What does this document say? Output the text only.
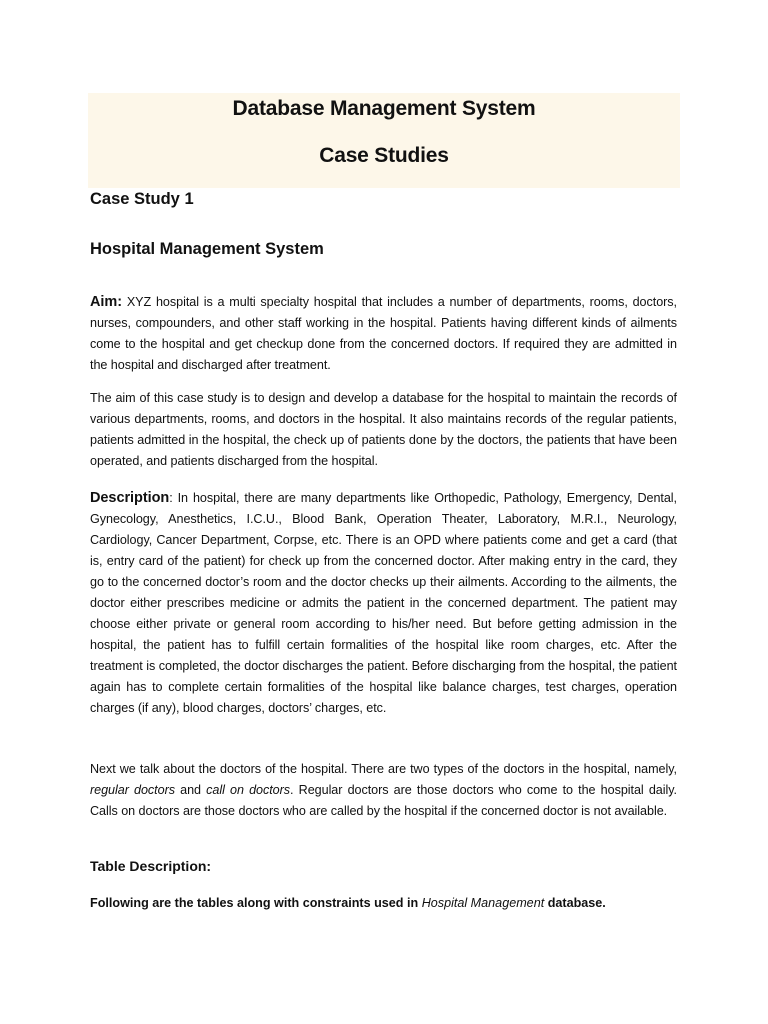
Database Management System
Case Studies
Case Study 1
Hospital Management System

Aim: XYZ hospital is a multi specialty hospital that includes a number of departments, rooms, doctors, nurses, compounders, and other staff working in the hospital. Patients having different kinds of ailments come to the hospital and get checkup done from the concerned doctors. If required they are admitted in the hospital and discharged after treatment.

The aim of this case study is to design and develop a database for the hospital to maintain the records of various departments, rooms, and doctors in the hospital. It also maintains records of the regular patients, patients admitted in the hospital, the check up of patients done by the doctors, the patients that have been operated, and patients discharged from the hospital.

Description: In hospital, there are many departments like Orthopedic, Pathology, Emergency, Dental, Gynecology, Anesthetics, I.C.U., Blood Bank, Operation Theater, Laboratory, M.R.I., Neurology, Cardiology, Cancer Department, Corpse, etc. There is an OPD where patients come and get a card (that is, entry card of the patient) for check up from the concerned doctor. After making entry in the card, they go to the concerned doctor’s room and the doctor checks up their ailments. According to the ailments, the doctor either prescribes medicine or admits the patient in the concerned department. The patient may choose either private or general room according to his/her need. But before getting admission in the hospital, the patient has to fulfill certain formalities of the hospital like room charges, etc. After the treatment is completed, the doctor discharges the patient. Before discharging from the hospital, the patient again has to complete certain formalities of the hospital like balance charges, test charges, operation charges (if any), blood charges, doctors’ charges, etc.

Next we talk about the doctors of the hospital. There are two types of the doctors in the hospital, namely, regular doctors and call on doctors. Regular doctors are those doctors who come to the hospital daily. Calls on doctors are those doctors who are called by the hospital if the concerned doctor is not available.

Table Description:

Following are the tables along with constraints used in Hospital Management database.
